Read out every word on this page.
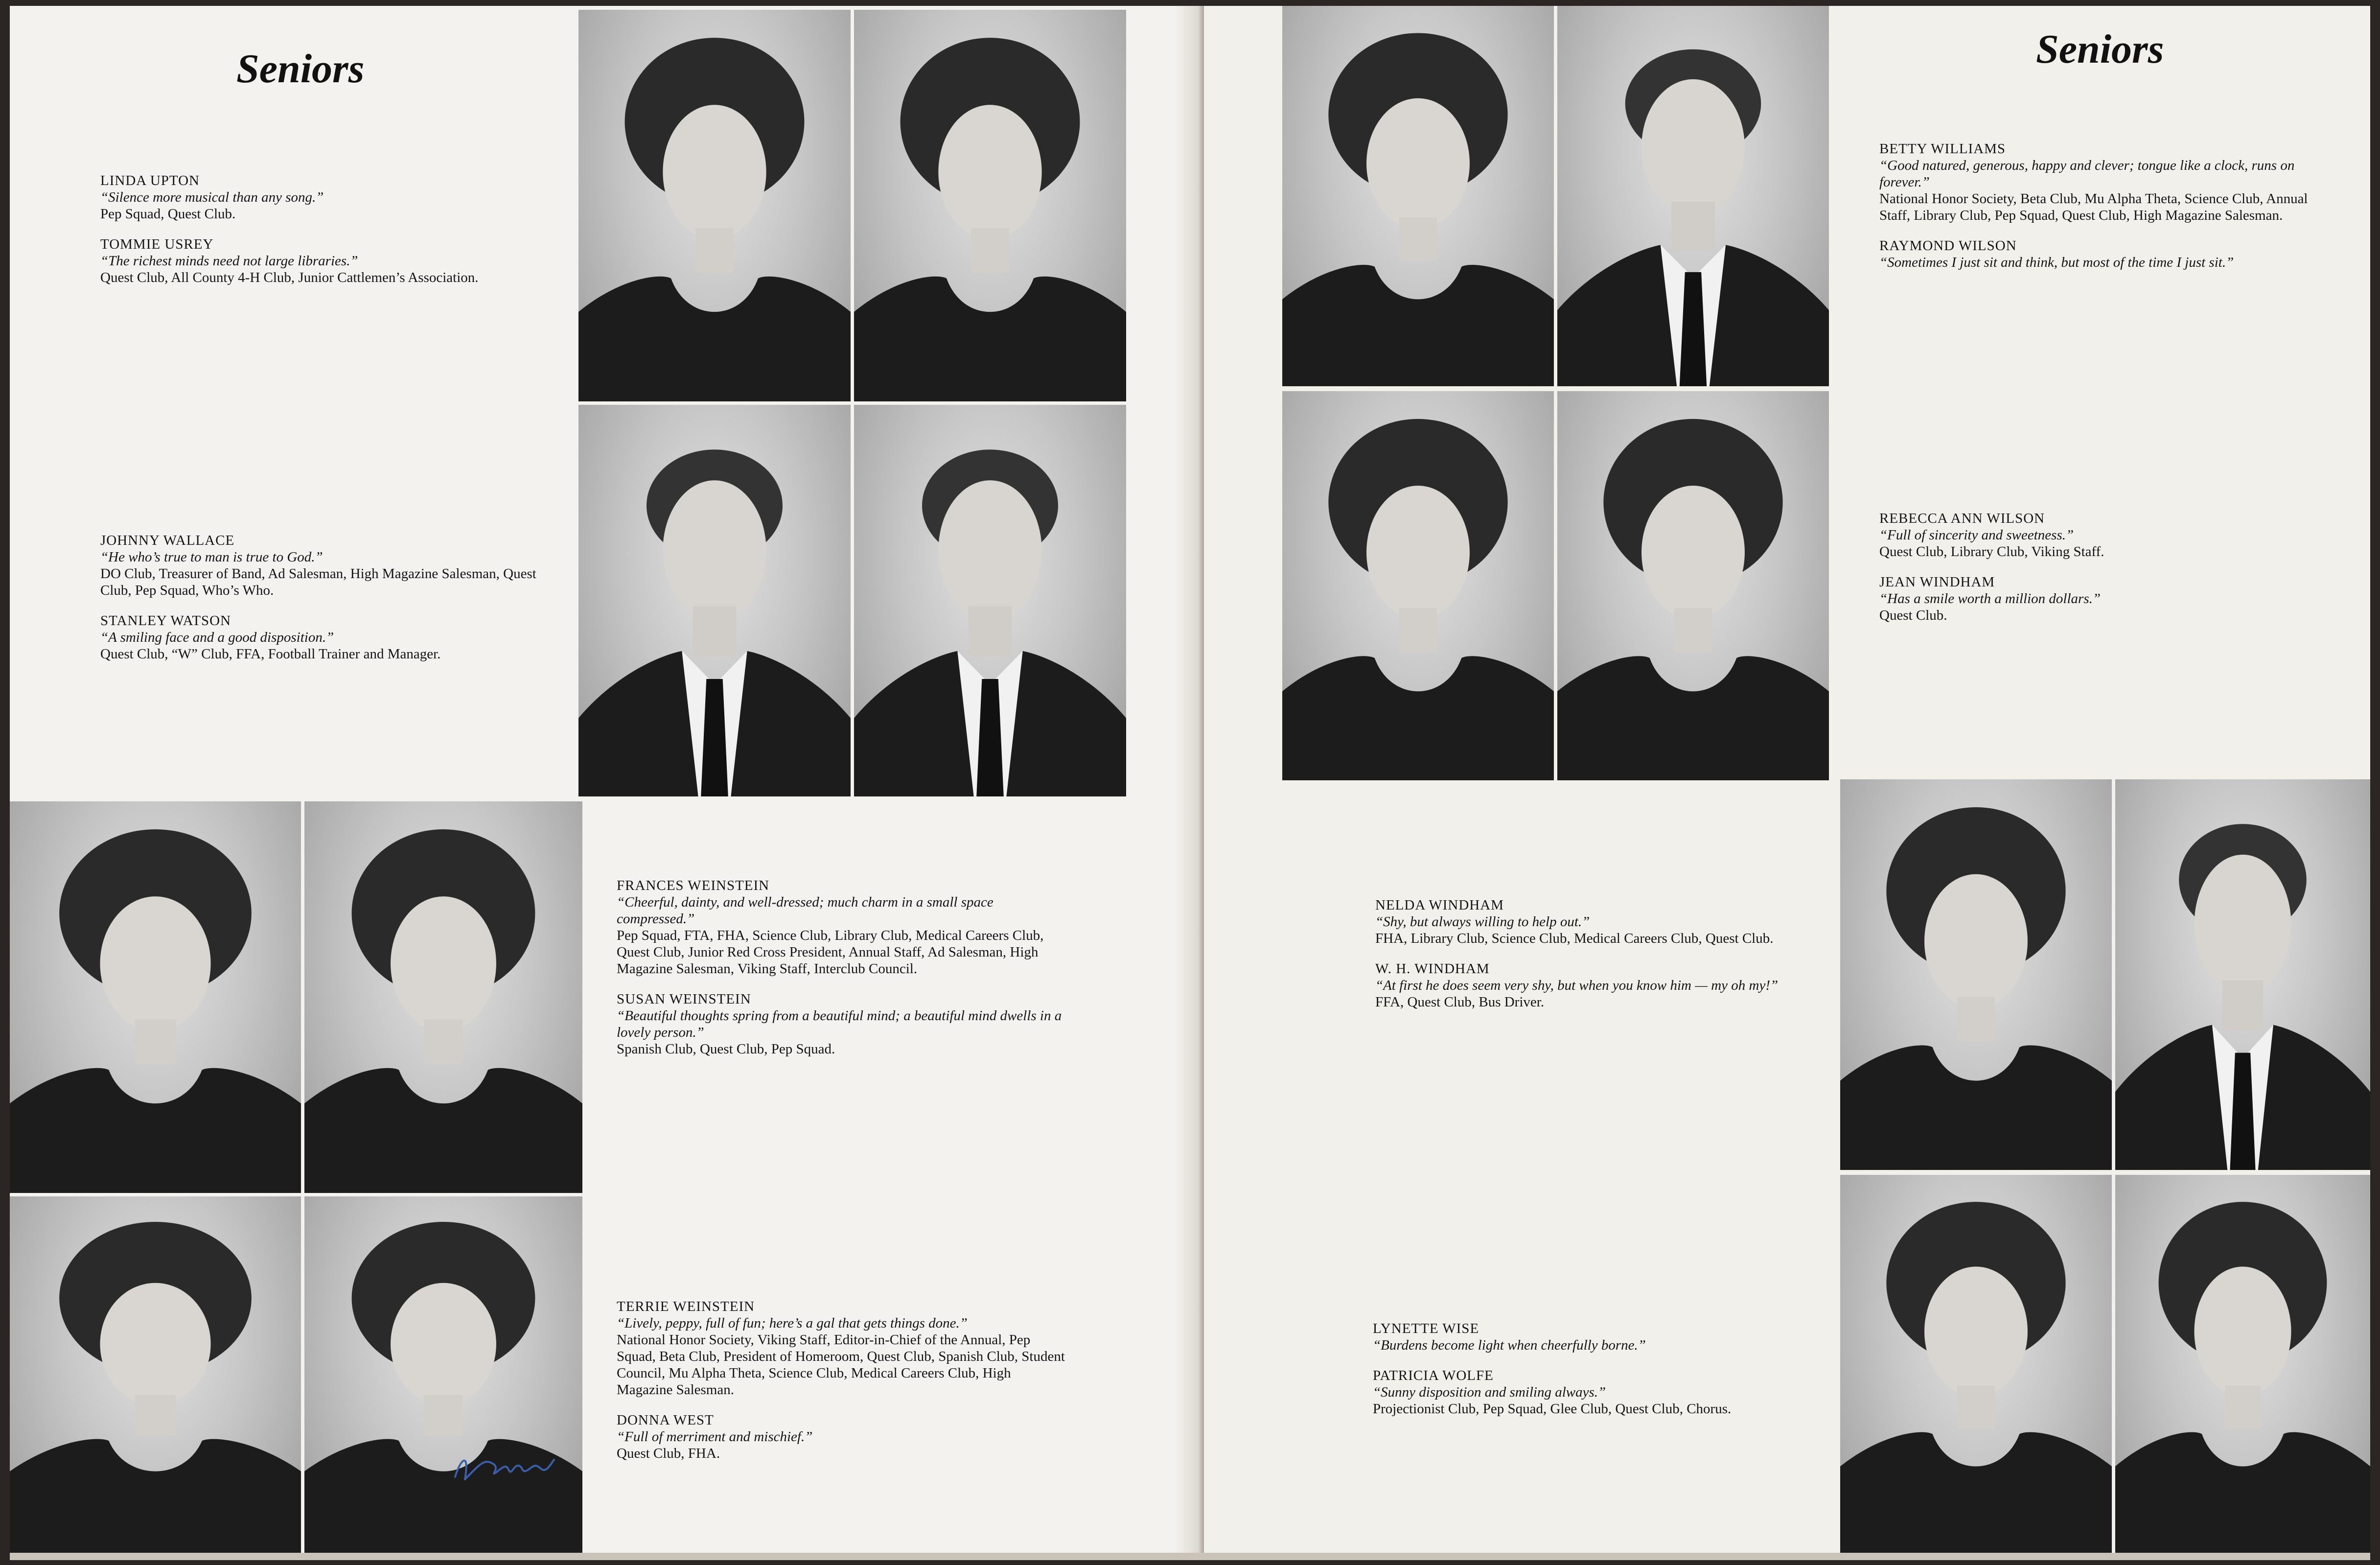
Seniors
LINDA UPTON
“Silence more musical than any song.”
Pep Squad, Quest Club.
TOMMIE USREY
“The richest minds need not large libraries.”
Quest Club, All County 4-H Club, Junior Cattlemen’s Association.
JOHNNY WALLACE
“He who’s true to man is true to God.”
DO Club, Treasurer of Band, Ad Salesman, High Magazine Salesman, Quest Club, Pep Squad, Who’s Who.
STANLEY WATSON
“A smiling face and a good disposition.”
Quest Club, “W” Club, FFA, Football Trainer and Manager.
FRANCES WEINSTEIN
“Cheerful, dainty, and well-dressed; much charm in a small space compressed.”
Pep Squad, FTA, FHA, Science Club, Library Club, Medical Careers Club, Quest Club, Junior Red Cross President, Annual Staff, Ad Salesman, High Magazine Salesman, Viking Staff, Interclub Council.
SUSAN WEINSTEIN
“Beautiful thoughts spring from a beautiful mind; a beautiful mind dwells in a lovely person.”
Spanish Club, Quest Club, Pep Squad.
TERRIE WEINSTEIN
“Lively, peppy, full of fun; here’s a gal that gets things done.”
National Honor Society, Viking Staff, Editor-in-Chief of the Annual, Pep Squad, Beta Club, President of Homeroom, Quest Club, Spanish Club, Student Council, Mu Alpha Theta, Science Club, Medical Careers Club, High Magazine Salesman.
DONNA WEST
“Full of merriment and mischief.”
Quest Club, FHA.
Seniors
BETTY WILLIAMS
“Good natured, generous, happy and clever; tongue like a clock, runs on forever.”
National Honor Society, Beta Club, Mu Alpha Theta, Science Club, Annual Staff, Library Club, Pep Squad, Quest Club, High Magazine Salesman.
RAYMOND WILSON
“Sometimes I just sit and think, but most of the time I just sit.”
REBECCA ANN WILSON
“Full of sincerity and sweetness.”
Quest Club, Library Club, Viking Staff.
JEAN WINDHAM
“Has a smile worth a million dollars.”
Quest Club.
NELDA WINDHAM
“Shy, but always willing to help out.”
FHA, Library Club, Science Club, Medical Careers Club, Quest Club.
W. H. WINDHAM
“At first he does seem very shy, but when you know him — my oh my!”
FFA, Quest Club, Bus Driver.
LYNETTE WISE
“Burdens become light when cheerfully borne.”
PATRICIA WOLFE
“Sunny disposition and smiling always.”
Projectionist Club, Pep Squad, Glee Club, Quest Club, Chorus.
